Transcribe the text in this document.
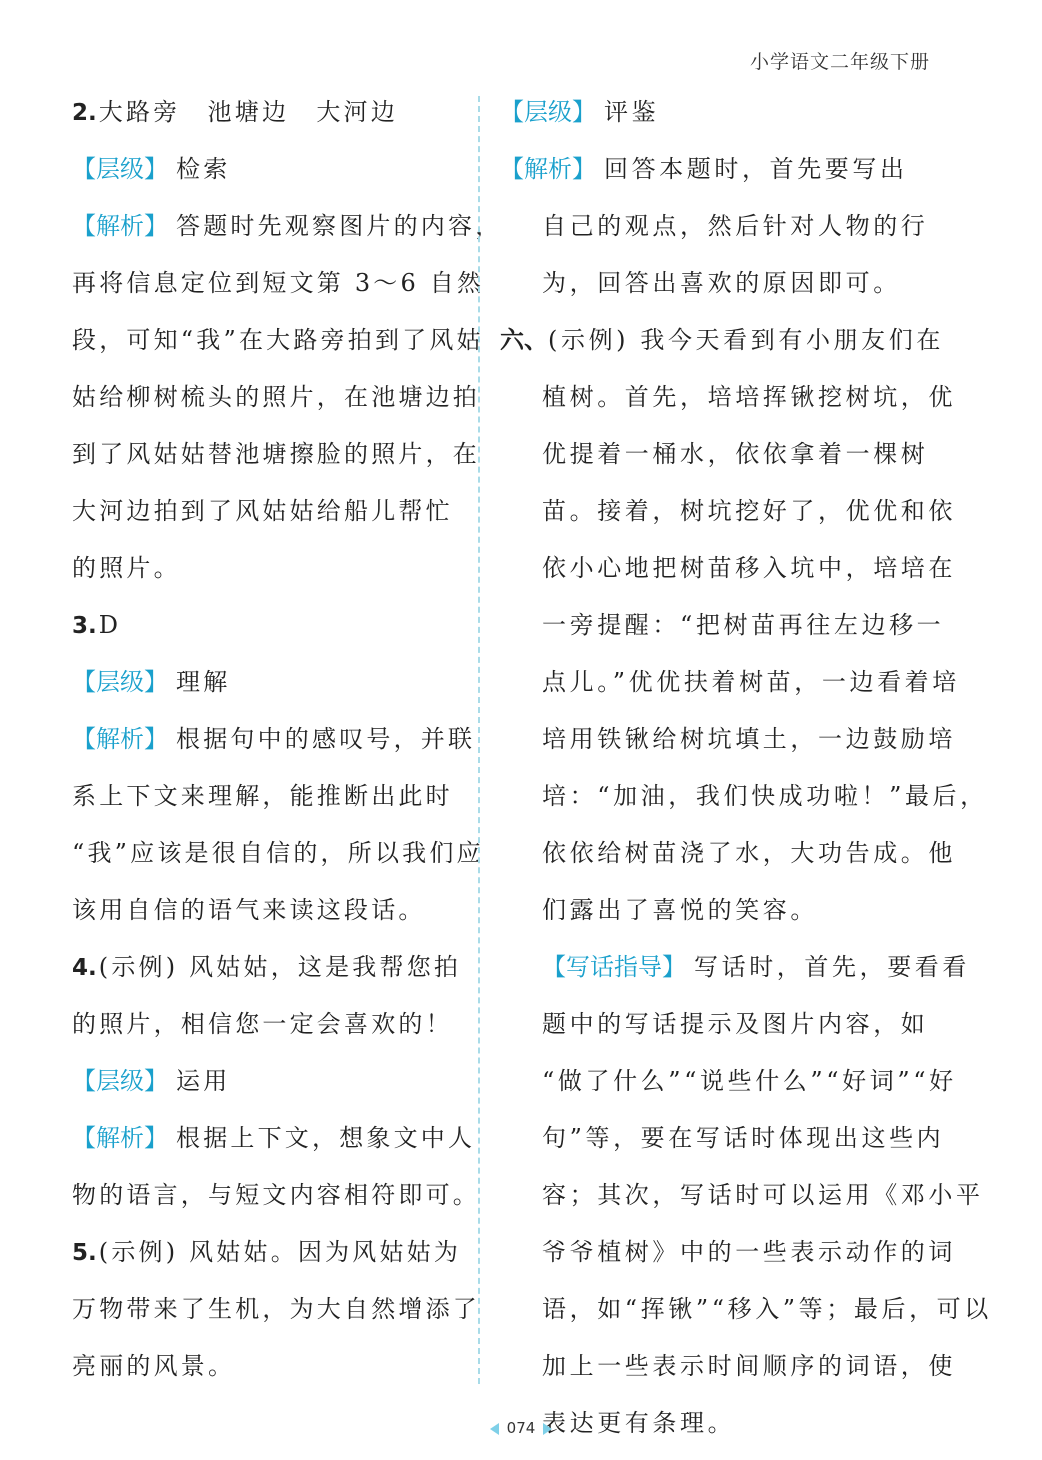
小学语文二年级下册
2.大路旁　池塘边　大河边
【层级】 检索
【解析】 答题时先观察图片的内容，
再将信息定位到短文第 3～6 自然
段，可知“我”在大路旁拍到了风姑
姑给柳树梳头的照片，在池塘边拍
到了风姑姑替池塘擦脸的照片，在
大河边拍到了风姑姑给船儿帮忙
的照片。
3.D
【层级】 理解
【解析】 根据句中的感叹号，并联
系上下文来理解，能推断出此时
“我”应该是很自信的，所以我们应
该用自信的语气来读这段话。
4.(示例) 风姑姑，这是我帮您拍
的照片，相信您一定会喜欢的！
【层级】 运用
【解析】 根据上下文，想象文中人
物的语言，与短文内容相符即可。
5.(示例) 风姑姑。因为风姑姑为
万物带来了生机，为大自然增添了
亮丽的风景。
【层级】 评鉴
【解析】 回答本题时，首先要写出
自己的观点，然后针对人物的行
为，回答出喜欢的原因即可。
六、(示例) 我今天看到有小朋友们在
植树。首先，培培挥锹挖树坑，优
优提着一桶水，依依拿着一棵树
苗。接着，树坑挖好了，优优和依
依小心地把树苗移入坑中，培培在
一旁提醒：“把树苗再往左边移一
点儿。”优优扶着树苗，一边看着培
培用铁锹给树坑填土，一边鼓励培
培：“加油，我们快成功啦！”最后，
依依给树苗浇了水，大功告成。他
们露出了喜悦的笑容。
【写话指导】 写话时，首先，要看看
题中的写话提示及图片内容，如
“做了什么”“说些什么”“好词”“好
句”等，要在写话时体现出这些内
容；其次，写话时可以运用《邓小平
爷爷植树》中的一些表示动作的词
语，如“挥锹”“移入”等；最后，可以
加上一些表示时间顺序的词语，使
表达更有条理。
074
